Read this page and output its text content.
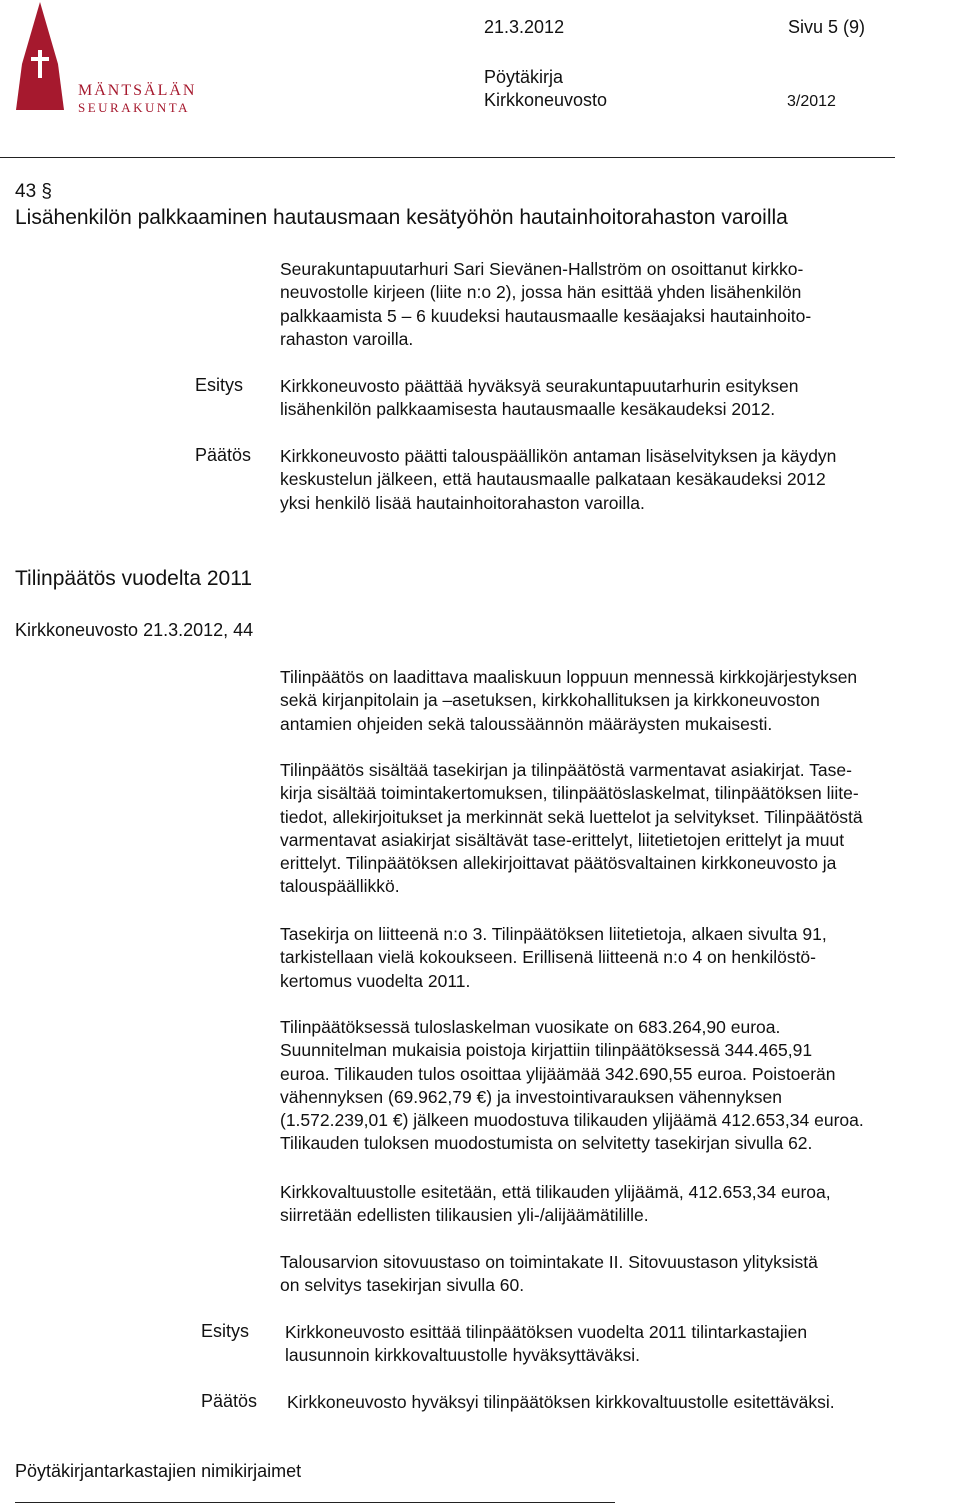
MÄNTSÄLÄN
SEURAKUNTA
21.3.2012	Sivu 5 (9)
Pöytäkirja
Kirkkoneuvosto	3/2012
43 §
Lisähenkilön palkkaaminen hautausmaan kesätyöhön hautainhoitorahaston varoilla
Seurakuntapuutarhuri Sari Sievänen-Hallström on osoittanut kirkko-
neuvostolle kirjeen (liite n:o 2), jossa hän esittää yhden lisähenkilön
palkkaamista 5 – 6 kuudeksi hautausmaalle kesäajaksi hautainhoito-
rahaston varoilla.
Esitys Kirkkoneuvosto päättää hyväksyä seurakuntapuutarhurin esityksen
lisähenkilön palkkaamisesta hautausmaalle kesäkaudeksi 2012.
Päätös Kirkkoneuvosto päätti talouspäällikön antaman lisäselvityksen ja käydyn
keskustelun jälkeen, että hautausmaalle palkataan kesäkaudeksi 2012
yksi henkilö lisää hautainhoitorahaston varoilla.
Tilinpäätös vuodelta 2011
Kirkkoneuvosto 21.3.2012, 44
Tilinpäätös on laadittava maaliskuun loppuun mennessä kirkkojärjestyksen
sekä kirjanpitolain ja –asetuksen, kirkkohallituksen ja kirkkoneuvoston
antamien ohjeiden sekä taloussäännön määräysten mukaisesti.
Tilinpäätös sisältää tasekirjan ja tilinpäätöstä varmentavat asiakirjat. Tase-
kirja sisältää toimintakertomuksen, tilinpäätöslaskelmat, tilinpäätöksen liite-
tiedot, allekirjoitukset ja merkinnät sekä luettelot ja selvitykset. Tilinpäätöstä
varmentavat asiakirjat sisältävät tase-erittelyt, liitetietojen erittelyt ja muut
erittelyt. Tilinpäätöksen allekirjoittavat päätösvaltainen kirkkoneuvosto ja
talouspäällikkö.
Tasekirja on liitteenä n:o 3. Tilinpäätöksen liitetietoja, alkaen sivulta 91,
tarkistellaan vielä kokoukseen. Erillisenä liitteenä n:o 4 on henkilöstö-
kertomus vuodelta 2011.
Tilinpäätöksessä tuloslaskelman vuosikate on 683.264,90 euroa.
Suunnitelman mukaisia poistoja kirjattiin tilinpäätöksessä 344.465,91
euroa. Tilikauden tulos osoittaa ylijäämää 342.690,55 euroa. Poistoerän
vähennyksen (69.962,79 €) ja investointivarauksen vähennyksen
(1.572.239,01 €) jälkeen muodostuva tilikauden ylijäämä 412.653,34 euroa.
Tilikauden tuloksen muodostumista on selvitetty tasekirjan sivulla 62.
Kirkkovaltuustolle esitetään, että tilikauden ylijäämä, 412.653,34 euroa,
siirretään edellisten tilikausien yli-/alijäämätilille.
Talousarvion sitovuustaso on toimintakate II. Sitovuustason ylityksistä
on selvitys tasekirjan sivulla 60.
Esitys Kirkkoneuvosto esittää tilinpäätöksen vuodelta 2011 tilintarkastajien
lausunnoin kirkkovaltuustolle hyväksyttäväksi.
Päätös Kirkkoneuvosto hyväksyi tilinpäätöksen kirkkovaltuustolle esitettäväksi.
Pöytäkirjantarkastajien nimikirjaimet
